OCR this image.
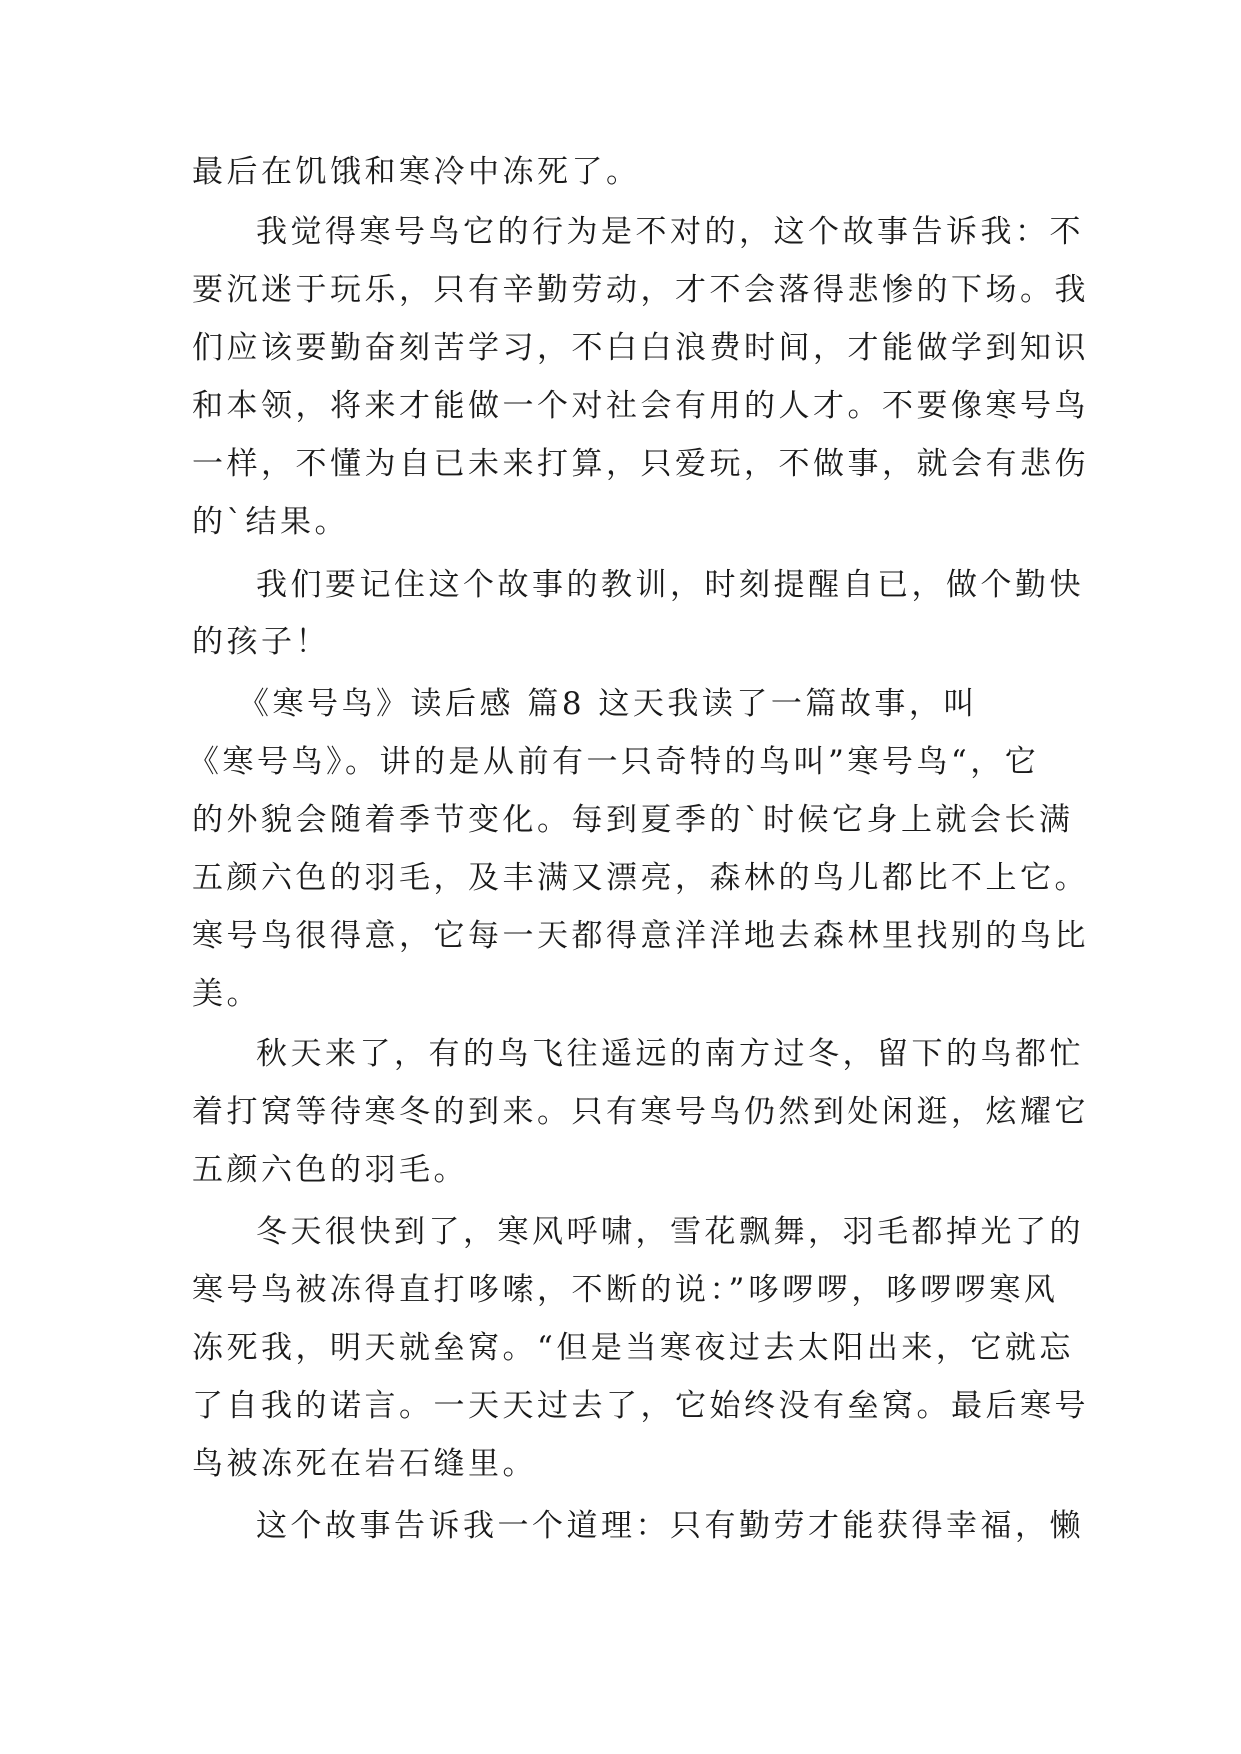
最后在饥饿和寒冷中冻死了。
我觉得寒号鸟它的行为是不对的，这个故事告诉我：不
要沉迷于玩乐，只有辛勤劳动，才不会落得悲惨的下场。我
们应该要勤奋刻苦学习，不白白浪费时间，才能做学到知识
和本领，将来才能做一个对社会有用的人才。不要像寒号鸟
一样，不懂为自已未来打算，只爱玩，不做事，就会有悲伤
的`结果。
我们要记住这个故事的教训，时刻提醒自已，做个勤快
的孩子！
《寒号鸟》读后感 篇8 这天我读了一篇故事，叫
《寒号鸟》。讲的是从前有一只奇特的鸟叫”寒号鸟“，它
的外貌会随着季节变化。每到夏季的`时候它身上就会长满
五颜六色的羽毛，及丰满又漂亮，森林的鸟儿都比不上它。
寒号鸟很得意，它每一天都得意洋洋地去森林里找别的鸟比
美。
秋天来了，有的鸟飞往遥远的南方过冬，留下的鸟都忙
着打窝等待寒冬的到来。只有寒号鸟仍然到处闲逛，炫耀它
五颜六色的羽毛。
冬天很快到了，寒风呼啸，雪花飘舞，羽毛都掉光了的
寒号鸟被冻得直打哆嗦，不断的说：”哆啰啰，哆啰啰寒风
冻死我，明天就垒窝。“但是当寒夜过去太阳出来，它就忘
了自我的诺言。一天天过去了，它始终没有垒窝。最后寒号
鸟被冻死在岩石缝里。
这个故事告诉我一个道理：只有勤劳才能获得幸福，懒
